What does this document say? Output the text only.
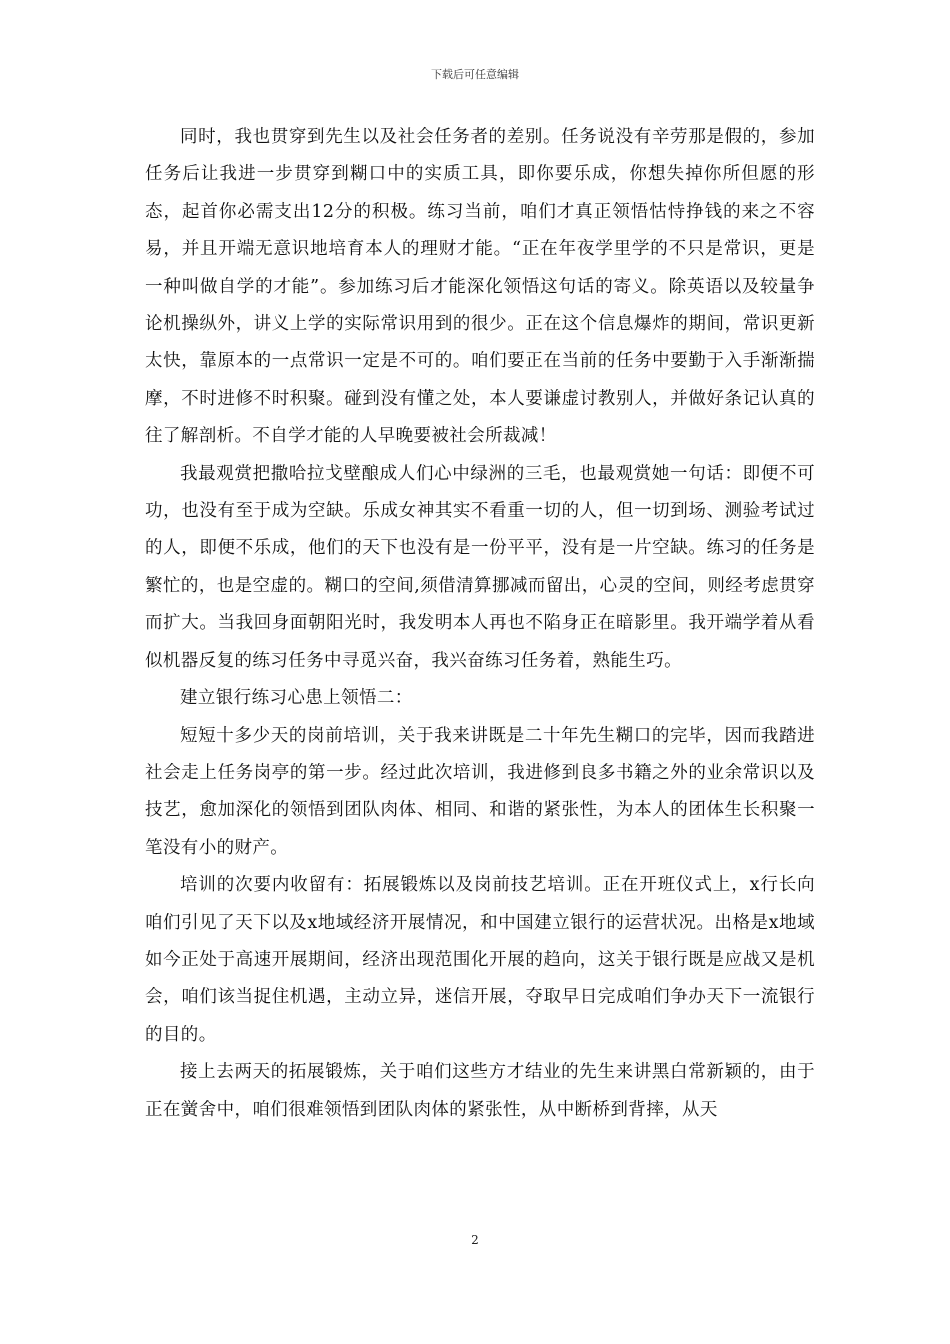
下载后可任意编辑

同时，我也贯穿到先生以及社会任务者的差别。任务说没有辛劳那是假的，参加任务后让我进一步贯穿到糊口中的实质工具，即你要乐成，你想失掉你所但愿的形态，起首你必需支出12分的积极。练习当前，咱们才真正领悟怙恃挣钱的来之不容易，并且开端无意识地培育本人的理财才能。“正在年夜学里学的不只是常识，更是一种叫做自学的才能”。参加练习后才能深化领悟这句话的寄义。除英语以及较量争论机操纵外，讲义上学的实际常识用到的很少。正在这个信息爆炸的期间，常识更新太快，靠原本的一点常识一定是不可的。咱们要正在当前的任务中要勤于入手渐渐揣摩，不时进修不时积聚。碰到没有懂之处，本人要谦虚讨教别人，并做好条记认真的往了解剖析。不自学才能的人早晚要被社会所裁减！

我最观赏把撒哈拉戈壁酿成人们心中绿洲的三毛，也最观赏她一句话：即便不可功，也没有至于成为空缺。乐成女神其实不看重一切的人，但一切到场、测验考试过的人，即便不乐成，他们的天下也没有是一份平平，没有是一片空缺。练习的任务是繁忙的，也是空虚的。糊口的空间,须借清算挪减而留出，心灵的空间，则经考虑贯穿而扩大。当我回身面朝阳光时，我发明本人再也不陷身正在暗影里。我开端学着从看似机器反复的练习任务中寻觅兴奋，我兴奋练习任务着，熟能生巧。

建立银行练习心患上领悟二：

短短十多少天的岗前培训，关于我来讲既是二十年先生糊口的完毕，因而我踏进社会走上任务岗亭的第一步。经过此次培训，我进修到良多书籍之外的业余常识以及技艺，愈加深化的领悟到团队肉体、相同、和谐的紧张性，为本人的团体生长积聚一笔没有小的财产。

培训的次要内收留有：拓展锻炼以及岗前技艺培训。正在开班仪式上，x行长向咱们引见了天下以及x地域经济开展情况，和中国建立银行的运营状况。出格是x地域如今正处于高速开展期间，经济出现范围化开展的趋向，这关于银行既是应战又是机会，咱们该当捉住机遇，主动立异，迷信开展，夺取早日完成咱们争办天下一流银行的目的。

接上去两天的拓展锻炼，关于咱们这些方才结业的先生来讲黑白常新颖的，由于正在黉舍中，咱们很难领悟到团队肉体的紧张性，从中断桥到背摔，从天

2
